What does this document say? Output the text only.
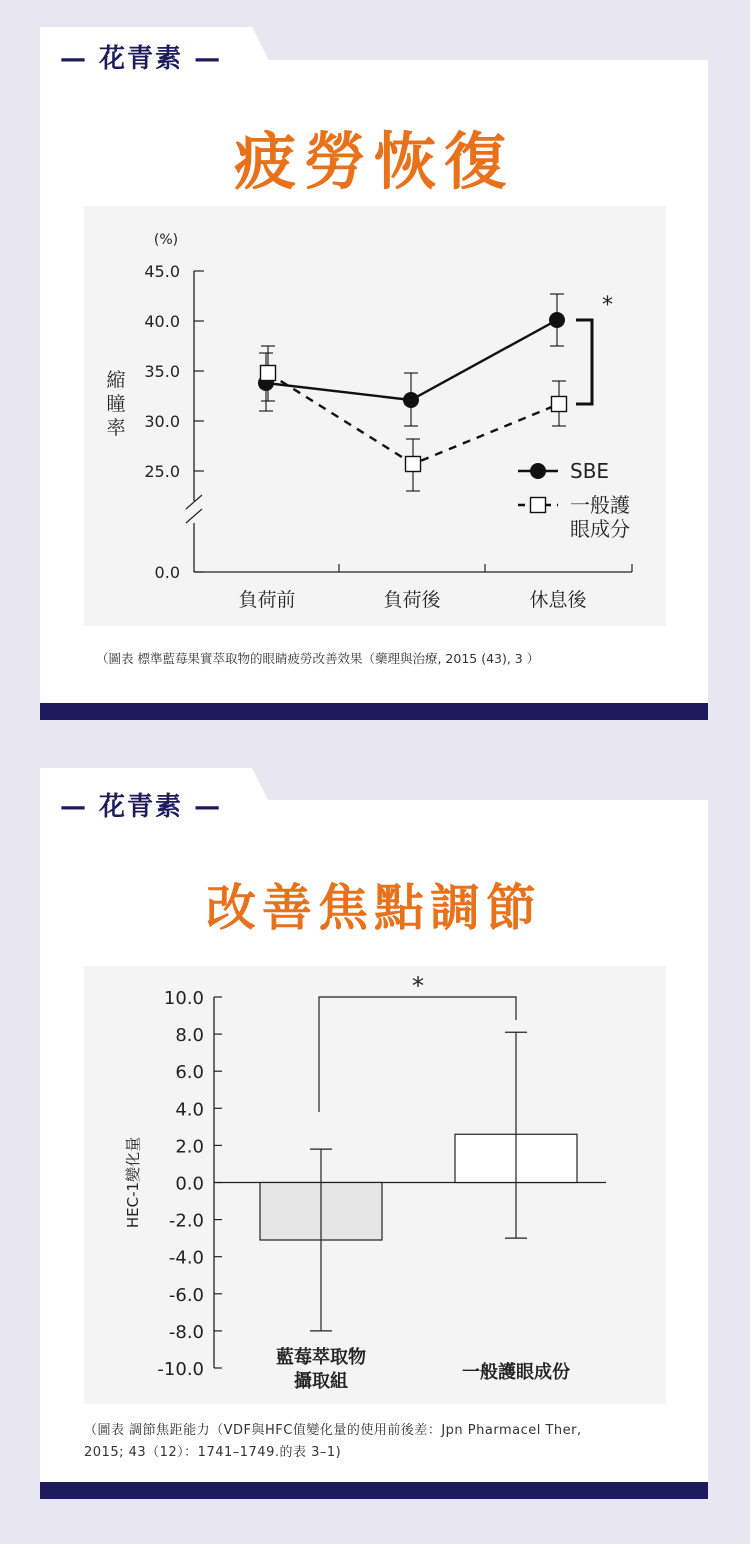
— 花青素 —
疲勞恢復
45.0
40.0
35.0
30.0
25.0
0.0
負荷前	負荷後	休息後
(%)
縮
瞳
率
*
SBE
一般護
眼成分
（圖表 標準藍莓果實萃取物的眼睛疲勞改善效果（藥理與治療, 2015 (43), 3 ）
— 花青素 —
改善焦點調節
10.0
8.0
6.0
4.0
2.0
0.0
-2.0
-4.0
-6.0
-8.0
-10.0
HEC-1變化量
藍莓萃取物
攝取組	一般護眼成份
*
（圖表 調節焦距能力（VDF與HFC值變化量的使用前後差：Jpn Pharmacel Ther,
2015; 43（12）：1741–1749.的表 3–1)
